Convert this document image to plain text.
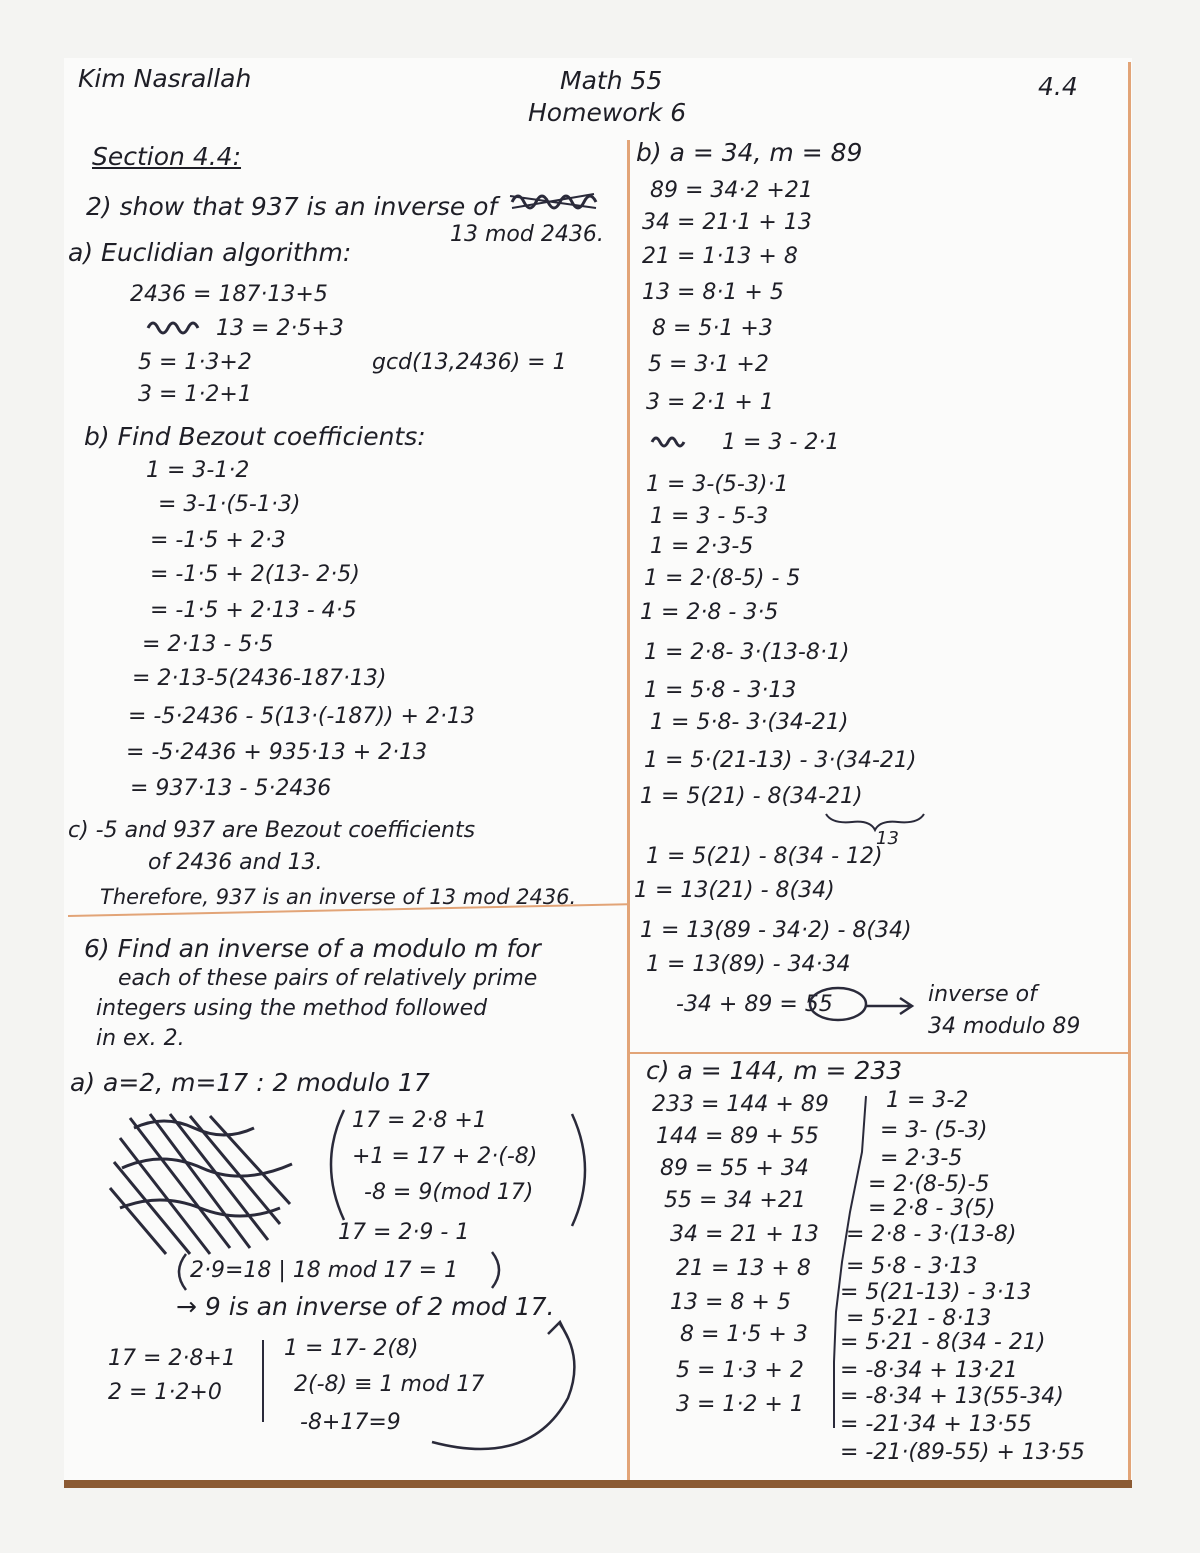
Kim Nasrallah	Math 55
Homework 6
4.4
Section 4.4:
2) show that 937 is an inverse of
13 mod 2436.
a) Euclidian algorithm:
2436 = 187·13+5
13 = 2·5+3
5 = 1·3+2
3 = 1·2+1
gcd(13,2436) = 1
b) Find Bezout coefficients:
1 = 3-1·2
= 3-1·(5-1·3)
= -1·5 + 2·3
= -1·5 + 2(13- 2·5)
= -1·5 + 2·13 - 4·5
= 2·13 - 5·5
= 2·13-5(2436-187·13)
= -5·2436 - 5(13·(-187)) + 2·13
= -5·2436 + 935·13 + 2·13
= 937·13 - 5·2436
c) -5 and 937 are Bezout coefficients
of 2436 and 13.
Therefore, 937 is an inverse of 13 mod 2436.
6) Find an inverse of a modulo m for
each of these pairs of relatively prime
integers using the method followed
in ex. 2.
a) a=2, m=17 : 2 modulo 17
17 = 2·8 +1
+1 = 17 + 2·(-8)
-8 = 9(mod 17)
17 = 2·9 - 1
2·9=18 | 18 mod 17 = 1
→ 9 is an inverse of 2 mod 17.
17 = 2·8+1
2 = 1·2+0
1 = 17- 2(8)
2(-8) ≡ 1 mod 17
-8+17=9
b) a = 34, m = 89
89 = 34·2 +21
34 = 21·1 + 13
21 = 1·13 + 8
13 = 8·1 + 5
8 = 5·1 +3
5 = 3·1 +2
3 = 2·1 + 1
1 = 3 - 2·1
1 = 3-(5-3)·1
1 = 3 - 5-3
1 = 2·3-5
1 = 2·(8-5) - 5
1 = 2·8 - 3·5
1 = 2·8- 3·(13-8·1)
1 = 5·8 - 3·13
1 = 5·8- 3·(34-21)
1 = 5·(21-13) - 3·(34-21)
1 = 5(21) - 8(34-21)
13
1 = 5(21) - 8(34 - 12)
1 = 13(21) - 8(34)
1 = 13(89 - 34·2) - 8(34)
1 = 13(89) - 34·34
-34 + 89 = 55	inverse of
34 modulo 89
c) a = 144, m = 233
233 = 144 + 89
144 = 89 + 55
89 = 55 + 34
55 = 34 +21
34 = 21 + 13
21 = 13 + 8
13 = 8 + 5
8 = 1·5 + 3
5 = 1·3 + 2
3 = 1·2 + 1
1 = 3-2
= 3- (5-3)
= 2·3-5
= 2·(8-5)-5
= 2·8 - 3(5)
= 2·8 - 3·(13-8)
= 5·8 - 3·13
= 5(21-13) - 3·13
= 5·21 - 8·13
= 5·21 - 8(34 - 21)
= -8·34 + 13·21
= -8·34 + 13(55-34)
= -21·34 + 13·55
= -21·(89-55) + 13·55
